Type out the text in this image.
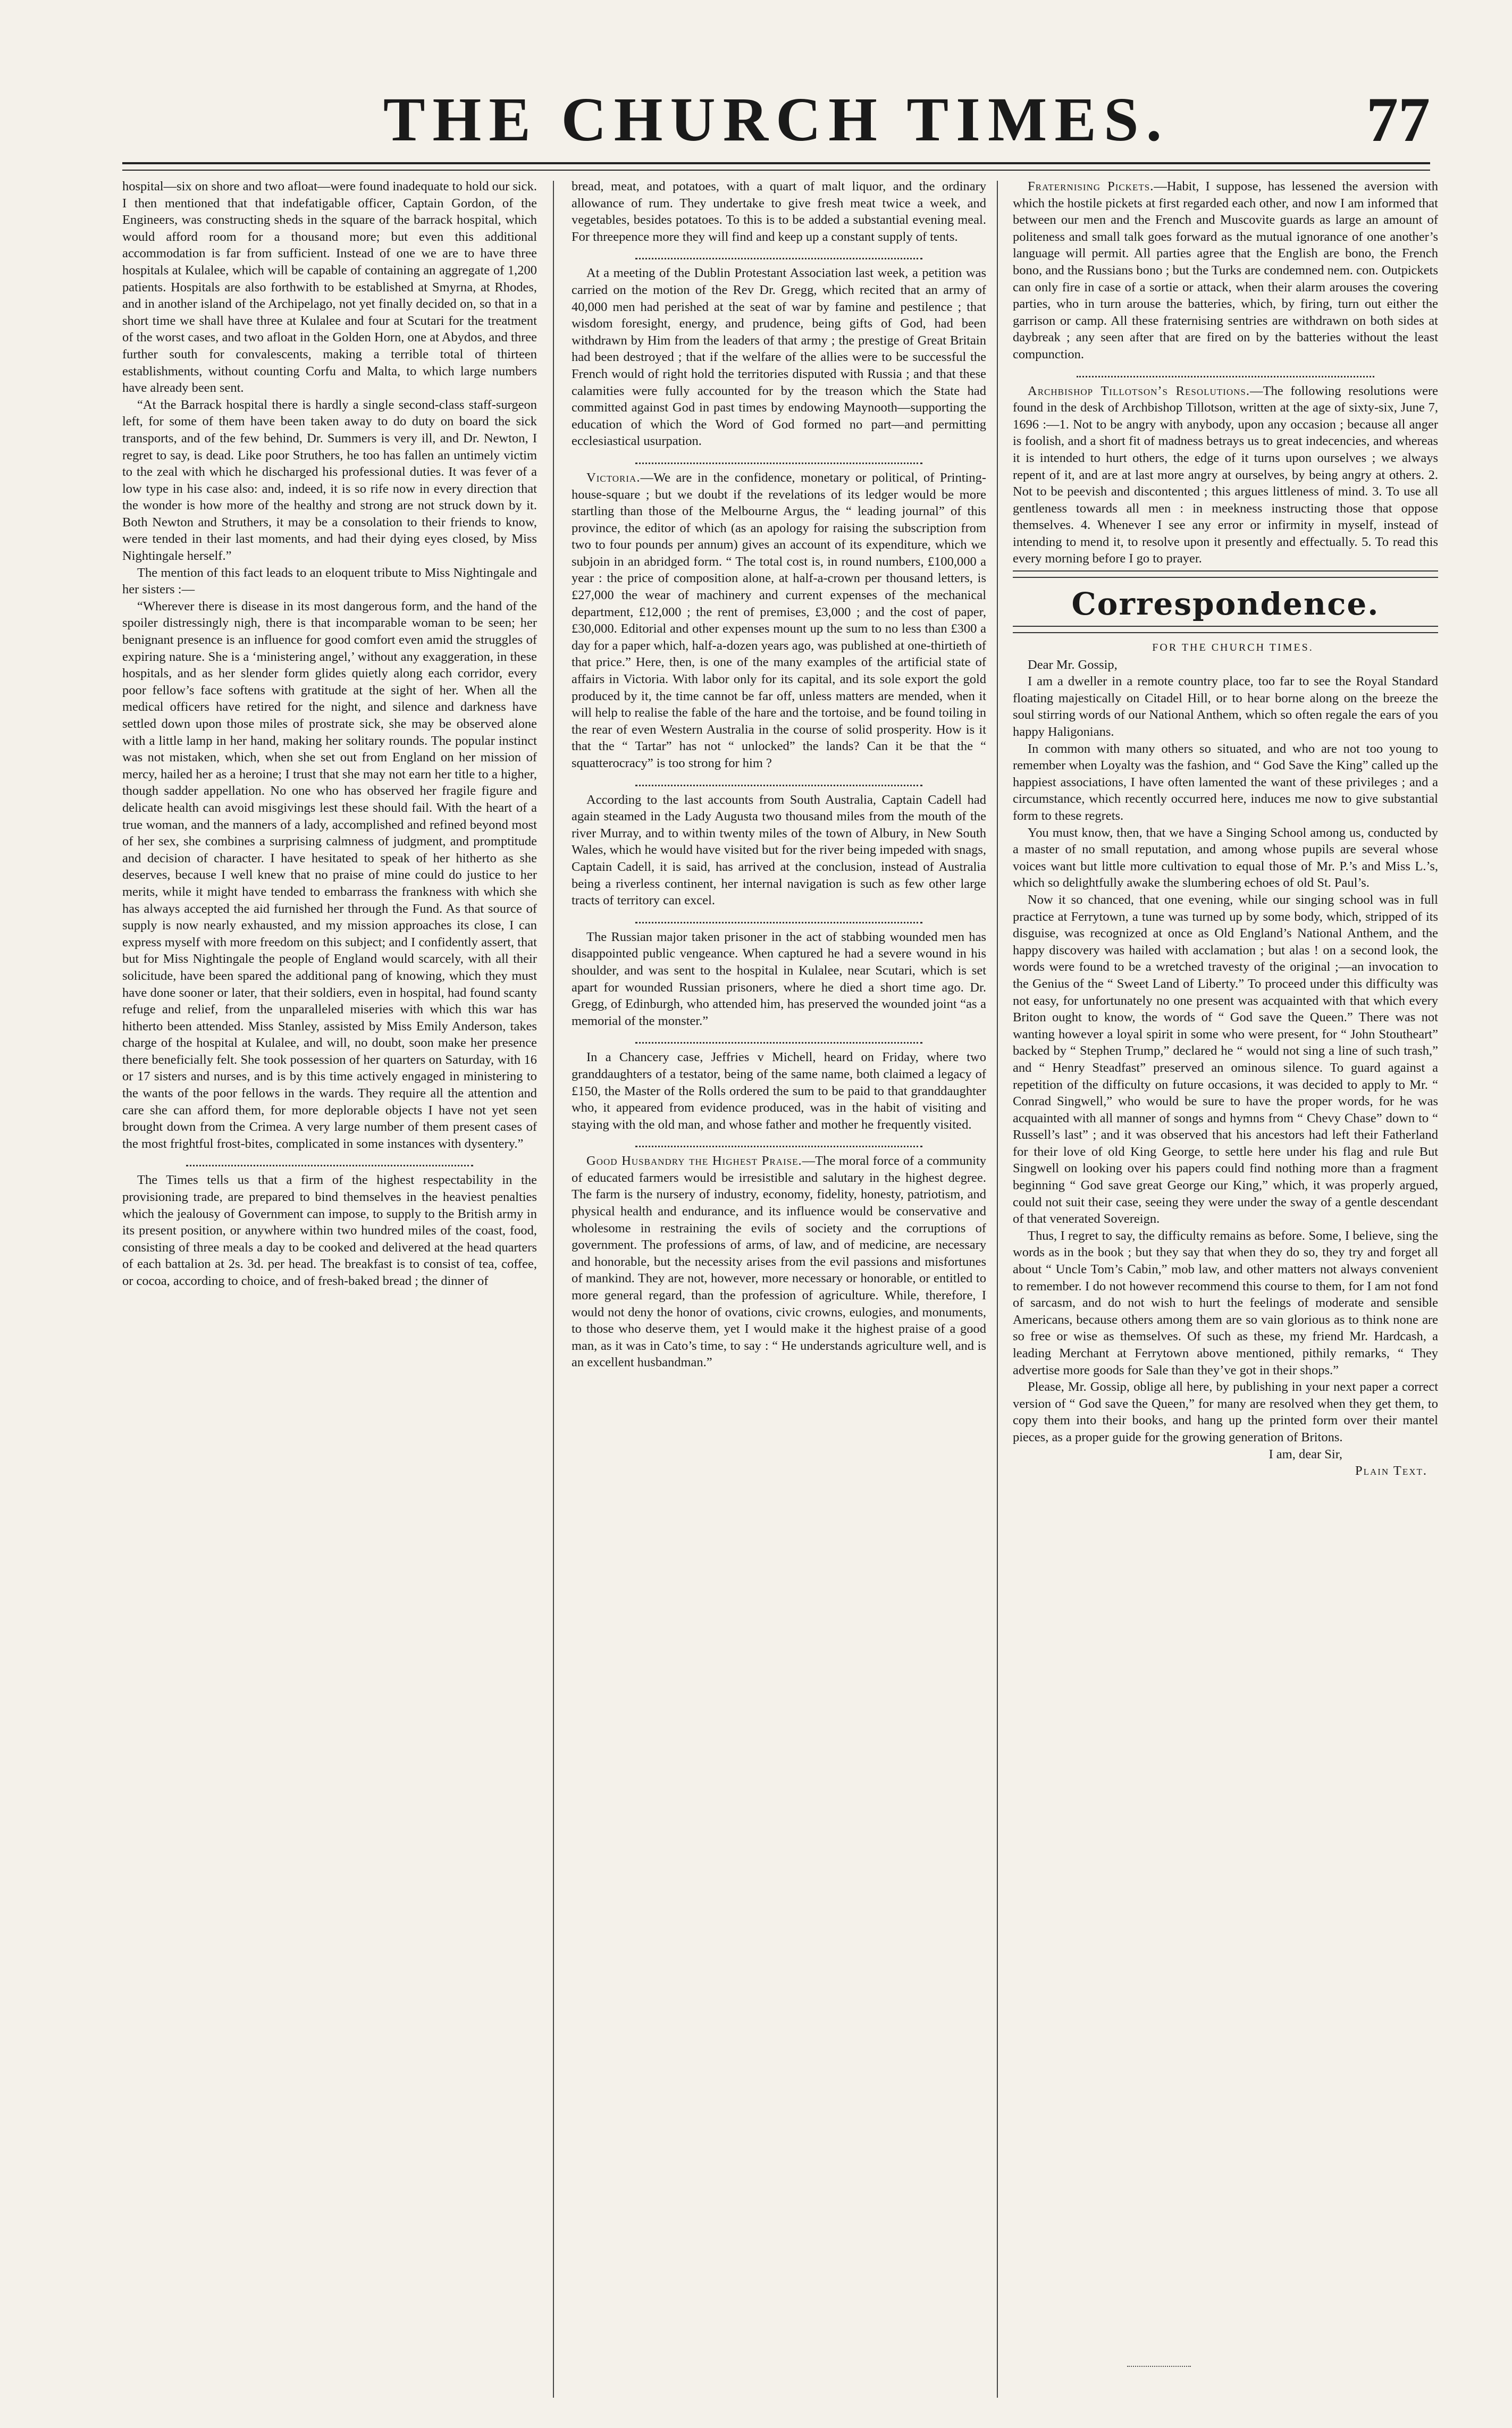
THE CHURCH TIMES.	77

hospital—six on shore and two afloat—were found inadequate to hold our sick. I then mentioned that that indefatigable officer, Captain Gordon, of the Engineers, was constructing sheds in the square of the barrack hospital, which would afford room for a thousand more; but even this additional accommodation is far from sufficient. Instead of one we are to have three hospitals at Kulalee, which will be capable of containing an aggregate of 1,200 patients. Hospitals are also forthwith to be established at Smyrna, at Rhodes, and in another island of the Archipelago, not yet finally decided on, so that in a short time we shall have three at Kulalee and four at Scutari for the treatment of the worst cases, and two afloat in the Golden Horn, one at Abydos, and three further south for convalescents, making a terrible total of thirteen establishments, without counting Corfu and Malta, to which large numbers have already been sent.

“At the Barrack hospital there is hardly a single second-class staff-surgeon left, for some of them have been taken away to do duty on board the sick transports, and of the few behind, Dr. Summers is very ill, and Dr. Newton, I regret to say, is dead. Like poor Struthers, he too has fallen an untimely victim to the zeal with which he discharged his professional duties. It was fever of a low type in his case also: and, indeed, it is so rife now in every direction that the wonder is how more of the healthy and strong are not struck down by it. Both Newton and Struthers, it may be a consolation to their friends to know, were tended in their last moments, and had their dying eyes closed, by Miss Nightingale herself.”

The mention of this fact leads to an eloquent tribute to Miss Nightingale and her sisters :—

“Wherever there is disease in its most dangerous form, and the hand of the spoiler distressingly nigh, there is that incomparable woman to be seen; her benignant presence is an influence for good comfort even amid the struggles of expiring nature. She is a ‘ministering angel,’ without any exaggeration, in these hospitals, and as her slender form glides quietly along each corridor, every poor fellow’s face softens with gratitude at the sight of her. When all the medical officers have retired for the night, and silence and darkness have settled down upon those miles of prostrate sick, she may be observed alone with a little lamp in her hand, making her solitary rounds. The popular instinct was not mistaken, which, when she set out from England on her mission of mercy, hailed her as a heroine; I trust that she may not earn her title to a higher, though sadder appellation. No one who has observed her fragile figure and delicate health can avoid misgivings lest these should fail. With the heart of a true woman, and the manners of a lady, accomplished and refined beyond most of her sex, she combines a surprising calmness of judgment, and promptitude and decision of character. I have hesitated to speak of her hitherto as she deserves, because I well knew that no praise of mine could do justice to her merits, while it might have tended to embarrass the frankness with which she has always accepted the aid furnished her through the Fund. As that source of supply is now nearly exhausted, and my mission approaches its close, I can express myself with more freedom on this subject; and I confidently assert, that but for Miss Nightingale the people of England would scarcely, with all their solicitude, have been spared the additional pang of knowing, which they must have done sooner or later, that their soldiers, even in hospital, had found scanty refuge and relief, from the unparalleled miseries with which this war has hitherto been attended. Miss Stanley, assisted by Miss Emily Anderson, takes charge of the hospital at Kulalee, and will, no doubt, soon make her presence there beneficially felt. She took possession of her quarters on Saturday, with 16 or 17 sisters and nurses, and is by this time actively engaged in ministering to the wants of the poor fellows in the wards. They require all the attention and care she can afford them, for more deplorable objects I have not yet seen brought down from the Crimea. A very large number of them present cases of the most frightful frost-bites, complicated in some instances with dysentery.”

The Times tells us that a firm of the highest respectability in the provisioning trade, are prepared to bind themselves in the heaviest penalties which the jealousy of Government can impose, to supply to the British army in its present position, or anywhere within two hundred miles of the coast, food, consisting of three meals a day to be cooked and delivered at the head quarters of each battalion at 2s. 3d. per head. The breakfast is to consist of tea, coffee, or cocoa, according to choice, and of fresh-baked bread ; the dinner of

bread, meat, and potatoes, with a quart of malt liquor, and the ordinary allowance of rum. They undertake to give fresh meat twice a week, and vegetables, besides potatoes. To this is to be added a substantial evening meal. For threepence more they will find and keep up a constant supply of tents.

At a meeting of the Dublin Protestant Association last week, a petition was carried on the motion of the Rev Dr. Gregg, which recited that an army of 40,000 men had perished at the seat of war by famine and pestilence ; that wisdom foresight, energy, and prudence, being gifts of God, had been withdrawn by Him from the leaders of that army ; the prestige of Great Britain had been destroyed ; that if the welfare of the allies were to be successful the French would of right hold the territories disputed with Russia ; and that these calamities were fully accounted for by the treason which the State had committed against God in past times by endowing Maynooth—supporting the education of which the Word of God formed no part—and permitting ecclesiastical usurpation.

Victoria.—We are in the confidence, monetary or political, of Printing-house-square ; but we doubt if the revelations of its ledger would be more startling than those of the Melbourne Argus, the “ leading journal” of this province, the editor of which (as an apology for raising the subscription from two to four pounds per annum) gives an account of its expenditure, which we subjoin in an abridged form. “ The total cost is, in round numbers, £100,000 a year : the price of composition alone, at half-a-crown per thousand letters, is £27,000 the wear of machinery and current expenses of the mechanical department, £12,000 ; the rent of premises, £3,000 ; and the cost of paper, £30,000. Editorial and other expenses mount up the sum to no less than £300 a day for a paper which, half-a-dozen years ago, was published at one-thirtieth of that price.” Here, then, is one of the many examples of the artificial state of affairs in Victoria. With labor only for its capital, and its sole export the gold produced by it, the time cannot be far off, unless matters are mended, when it will help to realise the fable of the hare and the tortoise, and be found toiling in the rear of even Western Australia in the course of solid prosperity. How is it that the “ Tartar” has not “ unlocked” the lands? Can it be that the “ squatterocracy” is too strong for him ?

According to the last accounts from South Australia, Captain Cadell had again steamed in the Lady Augusta two thousand miles from the mouth of the river Murray, and to within twenty miles of the town of Albury, in New South Wales, which he would have visited but for the river being impeded with snags, Captain Cadell, it is said, has arrived at the conclusion, instead of Australia being a riverless continent, her internal navigation is such as few other large tracts of territory can excel.

The Russian major taken prisoner in the act of stabbing wounded men has disappointed public vengeance. When captured he had a severe wound in his shoulder, and was sent to the hospital in Kulalee, near Scutari, which is set apart for wounded Russian prisoners, where he died a short time ago. Dr. Gregg, of Edinburgh, who attended him, has preserved the wounded joint “as a memorial of the monster.”

In a Chancery case, Jeffries v Michell, heard on Friday, where two granddaughters of a testator, being of the same name, both claimed a legacy of £150, the Master of the Rolls ordered the sum to be paid to that granddaughter who, it appeared from evidence produced, was in the habit of visiting and staying with the old man, and whose father and mother he frequently visited.

Good Husbandry the Highest Praise.—The moral force of a community of educated farmers would be irresistible and salutary in the highest degree. The farm is the nursery of industry, economy, fidelity, honesty, patriotism, and physical health and endurance, and its influence would be conservative and wholesome in restraining the evils of society and the corruptions of government. The professions of arms, of law, and of medicine, are necessary and honorable, but the necessity arises from the evil passions and misfortunes of mankind. They are not, however, more necessary or honorable, or entitled to more general regard, than the profession of agriculture. While, therefore, I would not deny the honor of ovations, civic crowns, eulogies, and monuments, to those who deserve them, yet I would make it the highest praise of a good man, as it was in Cato’s time, to say : “ He understands agriculture well, and is an excellent husbandman.”

Fraternising Pickets.—Habit, I suppose, has lessened the aversion with which the hostile pickets at first regarded each other, and now I am informed that between our men and the French and Muscovite guards as large an amount of politeness and small talk goes forward as the mutual ignorance of one another’s language will permit. All parties agree that the English are bono, the French bono, and the Russians bono ; but the Turks are condemned nem. con. Outpickets can only fire in case of a sortie or attack, when their alarm arouses the covering parties, who in turn arouse the batteries, which, by firing, turn out either the garrison or camp. All these fraternising sentries are withdrawn on both sides at daybreak ; any seen after that are fired on by the batteries without the least compunction.

Archbishop Tillotson’s Resolutions.—The following resolutions were found in the desk of Archbishop Tillotson, written at the age of sixty-six, June 7, 1696 :—1. Not to be angry with anybody, upon any occasion ; because all anger is foolish, and a short fit of madness betrays us to great indecencies, and whereas it is intended to hurt others, the edge of it turns upon ourselves ; we always repent of it, and are at last more angry at ourselves, by being angry at others. 2. Not to be peevish and discontented ; this argues littleness of mind. 3. To use all gentleness towards all men : in meekness instructing those that oppose themselves. 4. Whenever I see any error or infirmity in myself, instead of intending to mend it, to resolve upon it presently and effectually. 5. To read this every morning before I go to prayer.

Correspondence.

FOR THE CHURCH TIMES.

Dear Mr. Gossip,

I am a dweller in a remote country place, too far to see the Royal Standard floating majestically on Citadel Hill, or to hear borne along on the breeze the soul stirring words of our National Anthem, which so often regale the ears of you happy Haligonians.

In common with many others so situated, and who are not too young to remember when Loyalty was the fashion, and “ God Save the King” called up the happiest associations, I have often lamented the want of these privileges ; and a circumstance, which recently occurred here, induces me now to give substantial form to these regrets.

You must know, then, that we have a Singing School among us, conducted by a master of no small reputation, and among whose pupils are several whose voices want but little more cultivation to equal those of Mr. P.’s and Miss L.’s, which so delightfully awake the slumbering echoes of old St. Paul’s.

Now it so chanced, that one evening, while our singing school was in full practice at Ferrytown, a tune was turned up by some body, which, stripped of its disguise, was recognized at once as Old England’s National Anthem, and the happy discovery was hailed with acclamation ; but alas ! on a second look, the words were found to be a wretched travesty of the original ;—an invocation to the Genius of the “ Sweet Land of Liberty.” To proceed under this difficulty was not easy, for unfortunately no one present was acquainted with that which every Briton ought to know, the words of “ God save the Queen.” There was not wanting however a loyal spirit in some who were present, for “ John Stoutheart” backed by “ Stephen Trump,” declared he “ would not sing a line of such trash,” and “ Henry Steadfast” preserved an ominous silence. To guard against a repetition of the difficulty on future occasions, it was decided to apply to Mr. “ Conrad Singwell,” who would be sure to have the proper words, for he was acquainted with all manner of songs and hymns from “ Chevy Chase” down to “ Russell’s last” ; and it was observed that his ancestors had left their Fatherland for their love of old King George, to settle here under his flag and rule But Singwell on looking over his papers could find nothing more than a fragment beginning “ God save great George our King,” which, it was properly argued, could not suit their case, seeing they were under the sway of a gentle descendant of that venerated Sovereign.

Thus, I regret to say, the difficulty remains as before. Some, I believe, sing the words as in the book ; but they say that when they do so, they try and forget all about “ Uncle Tom’s Cabin,” mob law, and other matters not always convenient to remember. I do not however recommend this course to them, for I am not fond of sarcasm, and do not wish to hurt the feelings of moderate and sensible Americans, because others among them are so vain glorious as to think none are so free or wise as themselves. Of such as these, my friend Mr. Hardcash, a leading Merchant at Ferrytown above mentioned, pithily remarks, “ They advertise more goods for Sale than they’ve got in their shops.”

Please, Mr. Gossip, oblige all here, by publishing in your next paper a correct version of “ God save the Queen,” for many are resolved when they get them, to copy them into their books, and hang up the printed form over their mantel pieces, as a proper guide for the growing generation of Britons.

I am, dear Sir,

Plain Text.
